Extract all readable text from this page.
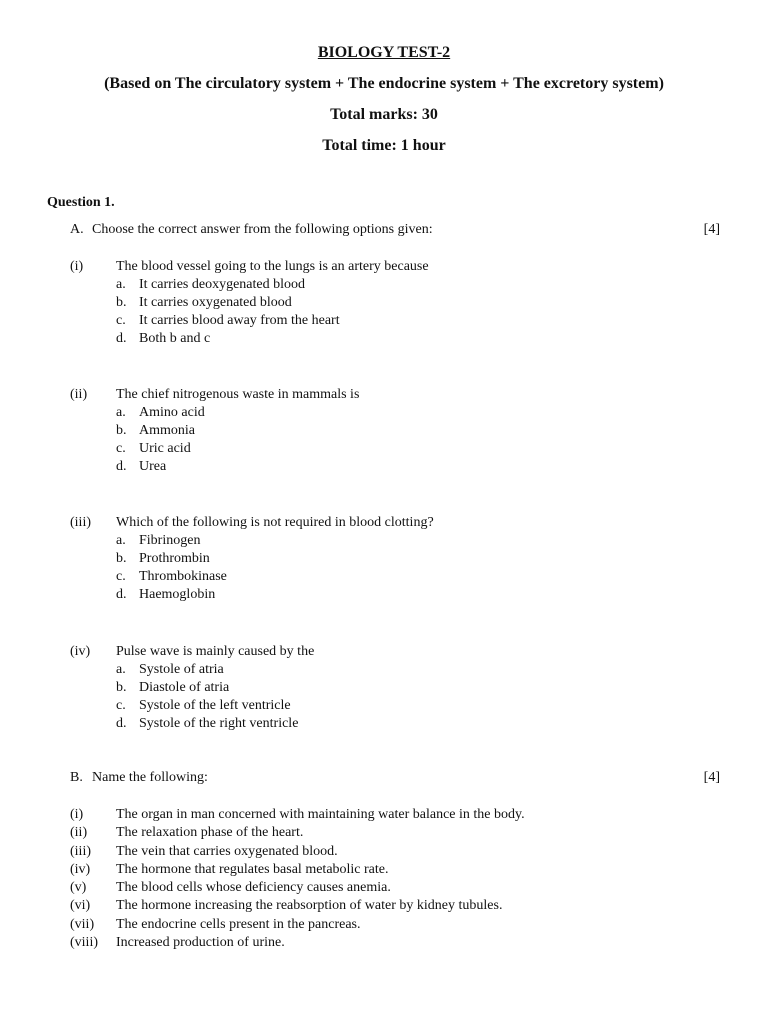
BIOLOGY TEST-2
(Based on The circulatory system + The endocrine system + The excretory system)
Total marks: 30
Total time: 1 hour
Question 1.
A. Choose the correct answer from the following options given:	[4]
(i) The blood vessel going to the lungs is an artery because
a. It carries deoxygenated blood
b. It carries oxygenated blood
c. It carries blood away from the heart
d. Both b and c
(ii) The chief nitrogenous waste in mammals is
a. Amino acid
b. Ammonia
c. Uric acid
d. Urea
(iii) Which of the following is not required in blood clotting?
a. Fibrinogen
b. Prothrombin
c. Thrombokinase
d. Haemoglobin
(iv) Pulse wave is mainly caused by the
a. Systole of atria
b. Diastole of atria
c. Systole of the left ventricle
d. Systole of the right ventricle
B. Name the following:	[4]
(i) The organ in man concerned with maintaining water balance in the body.
(ii) The relaxation phase of the heart.
(iii) The vein that carries oxygenated blood.
(iv) The hormone that regulates basal metabolic rate.
(v) The blood cells whose deficiency causes anemia.
(vi) The hormone increasing the reabsorption of water by kidney tubules.
(vii) The endocrine cells present in the pancreas.
(viii) Increased production of urine.
